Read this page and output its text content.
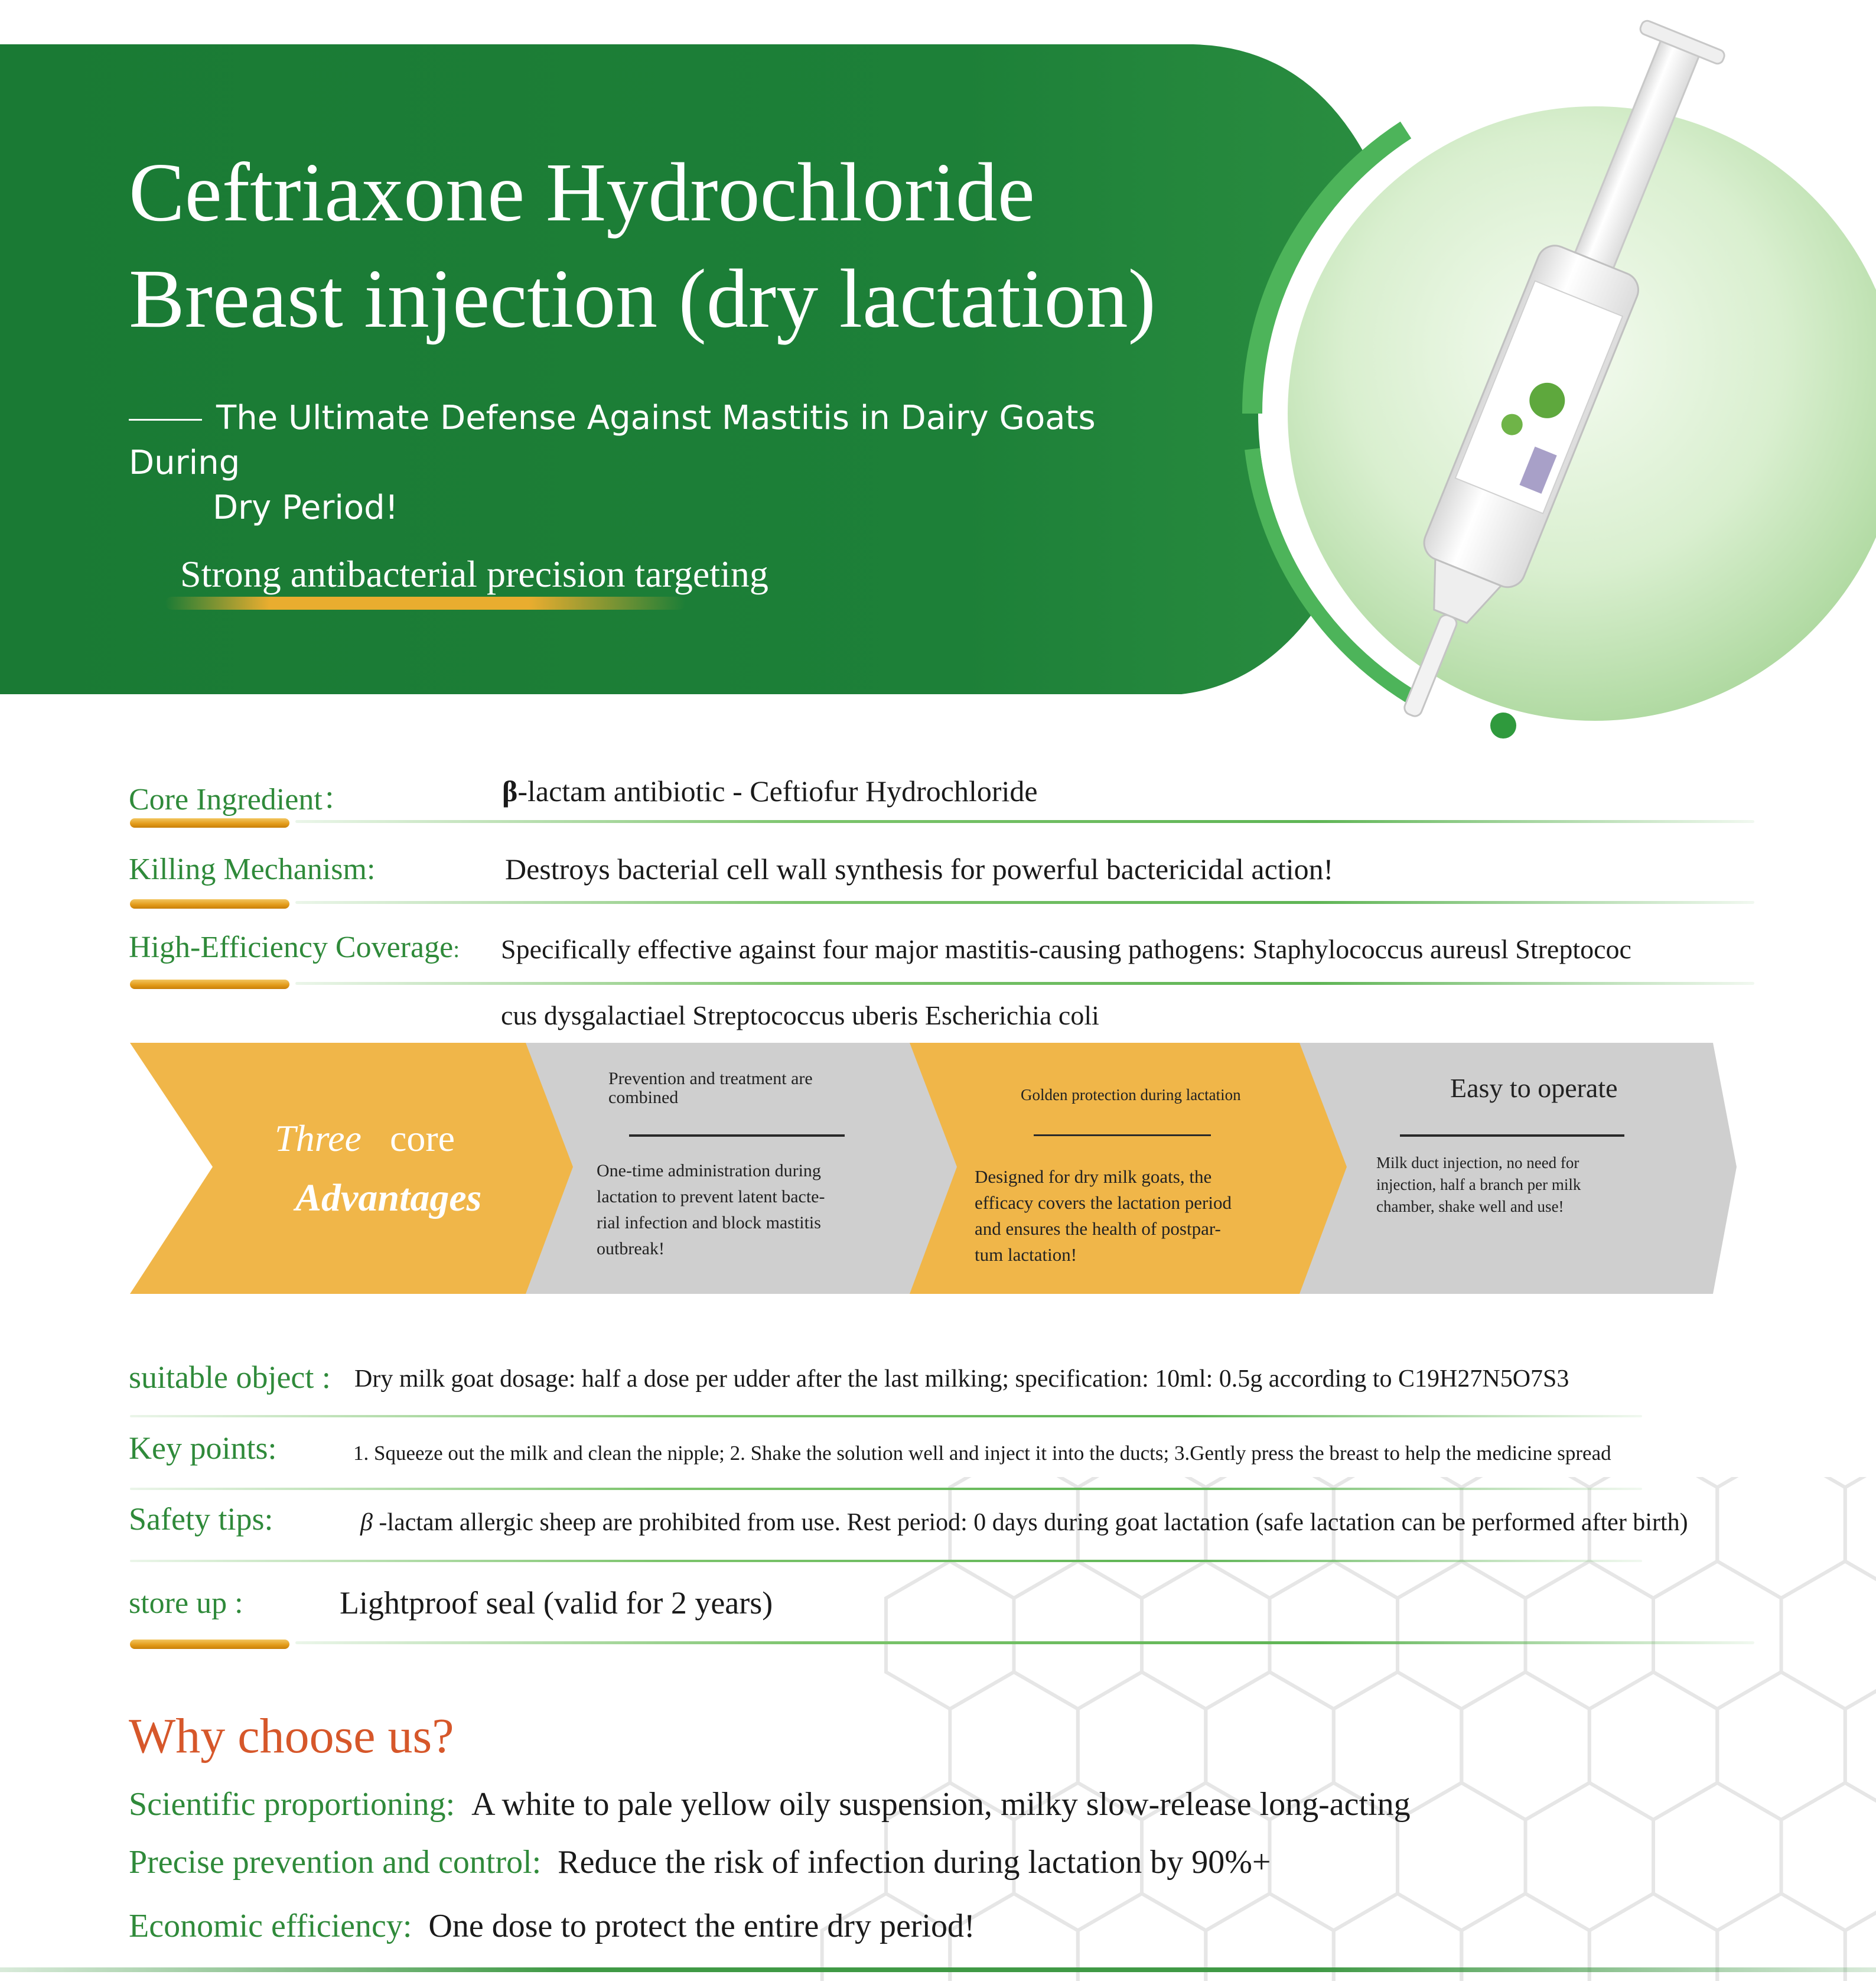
Ceftriaxone Hydrochloride
Breast injection (dry lactation)
The Ultimate Defense Against Mastitis in Dairy Goats During
Dry Period!
Strong antibacterial precision targeting
Core Ingredient：	β-lactam antibiotic - Ceftiofur Hydrochloride
Killing Mechanism:	Destroys bacterial cell wall synthesis for powerful bactericidal action!
High-Efficiency Coverage: Specifically effective against four major mastitis-causing pathogens: Staphylococcus aureusl Streptococ
cus dysgalactiael Streptococcus uberis Escherichia coli
Three core
Advantages
Prevention and treatment are
combined
One-time administration during
lactation to prevent latent bacte-
rial infection and block mastitis
outbreak!
Golden protection during lactation
Designed for dry milk goats, the
efficacy covers the lactation period
and ensures the health of postpar-
tum lactation!
Easy to operate
Milk duct injection, no need for
injection, half a branch per milk
chamber, shake well and use!
suitable object : Dry milk goat dosage: half a dose per udder after the last milking; specification: 10ml: 0.5g according to C19H27N5O7S3
Key points:	1. Squeeze out the milk and clean the nipple; 2. Shake the solution well and inject it into the ducts; 3.Gently press the breast to help the medicine spread
Safety tips:	β -lactam allergic sheep are prohibited from use. Rest period: 0 days during goat lactation (safe lactation can be performed after birth)
store up :	Lightproof seal (valid for 2 years)
Why choose us?
Scientific proportioning: A white to pale yellow oily suspension, milky slow-release long-acting
Precise prevention and control: Reduce the risk of infection during lactation by 90%+
Economic efficiency: One dose to protect the entire dry period!
